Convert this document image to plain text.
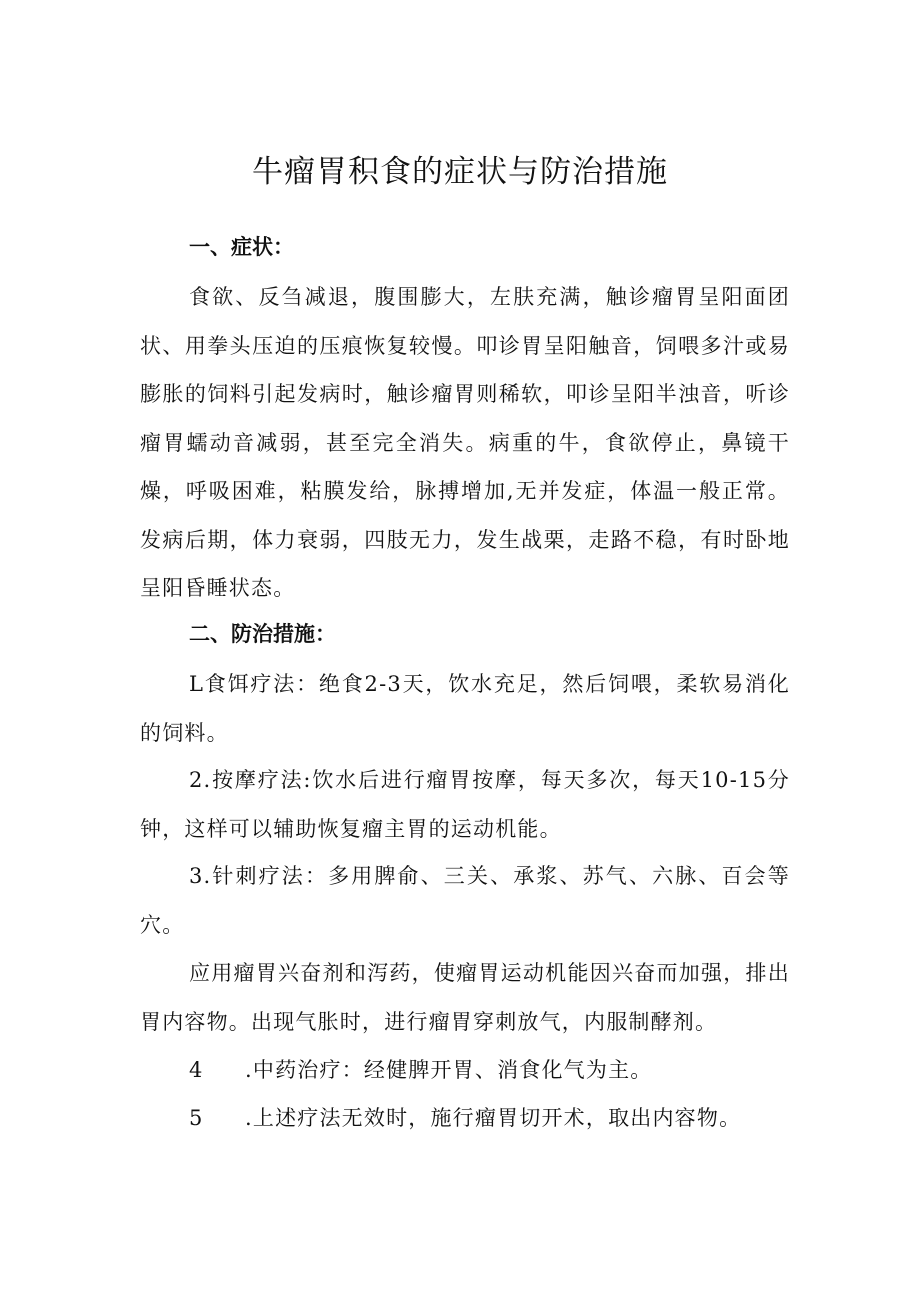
牛瘤胃积食的症状与防治措施
一、症状：
食欲、反刍减退，腹围膨大，左肤充满，触诊瘤胃呈阳面团状、用拳头压迫的压痕恢复较慢。叩诊胃呈阳触音，饲喂多汁或易膨胀的饲料引起发病时，触诊瘤胃则稀软，叩诊呈阳半浊音，听诊瘤胃蠕动音减弱，甚至完全消失。病重的牛，食欲停止，鼻镜干燥，呼吸困难，粘膜发给，脉搏增加,无并发症，体温一般正常。发病后期，体力衰弱，四肢无力，发生战栗，走路不稳，有时卧地呈阳昏睡状态。
二、防治措施：
L食饵疗法：绝食2-3天，饮水充足，然后饲喂，柔软易消化的饲料。
2.按摩疗法:饮水后进行瘤胃按摩，每天多次，每天10-15分钟，这样可以辅助恢复瘤主胃的运动机能。
3.针刺疗法：多用脾俞、三关、承浆、苏气、六脉、百会等穴。
应用瘤胃兴奋剂和泻药，使瘤胃运动机能因兴奋而加强，排出胃内容物。出现气胀时，进行瘤胃穿刺放气，内服制酵剂。
4 .中药治疗：经健脾开胃、消食化气为主。
5 .上述疗法无效时，施行瘤胃切开术，取出内容物。
